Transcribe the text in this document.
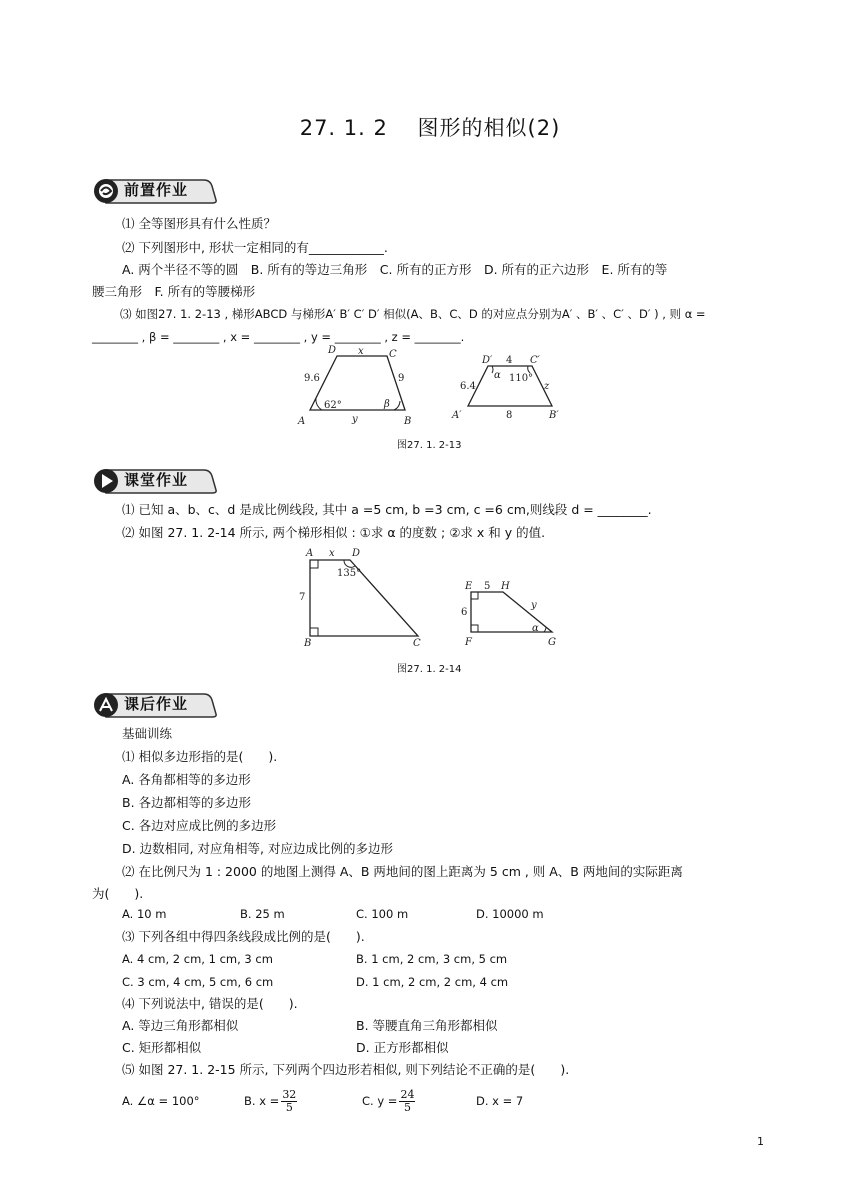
27. 1. 2　 图形的相似(2)
前置作业
⑴ 全等图形具有什么性质？
⑵ 下列图形中, 形状一定相同的有____________.
A. 两个半径不等的圆　B. 所有的等边三角形　C. 所有的正方形　D. 所有的正六边形　E. 所有的等
腰三角形　F. 所有的等腰梯形
⑶ 如图27. 1. 2-13 , 梯形ABCD 与梯形A′ B′ C′ D′ 相似(A、B、C、D 的对应点分别为A′ 、B′ 、C′ 、D′ ) , 则 α =
________ , β = ________ , x = ________ , y = ________ , z = ________.
D	C
A	B
x
y
9.6	9
62°	β
D′	C′
A′	B′
4
8
6.4	z
α 110°
图27. 1. 2-13
课堂作业
⑴ 已知 a、b、c、d 是成比例线段, 其中 a =5 cm, b =3 cm, c =6 cm,则线段 d = ________.
⑵ 如图 27. 1. 2-14 所示, 两个梯形相似 : ①求 α 的度数 ; ②求 x 和 y 的值.
A x D
B	C
7
135°
E 5 H
F	G
6
y
α
图27. 1. 2-14
课后作业
基础训练
⑴ 相似多边形指的是(　　).
A. 各角都相等的多边形
B. 各边都相等的多边形
C. 各边对应成比例的多边形
D. 边数相同, 对应角相等, 对应边成比例的多边形
⑵ 在比例尺为 1 : 2000 的地图上测得 A、B 两地间的图上距离为 5 cm , 则 A、B 两地间的实际距离
为(　　).
A. 10 m	B. 25 m	C. 100 m	D. 10000 m
⑶ 下列各组中得四条线段成比例的是(　　).
A. 4 cm, 2 cm, 1 cm, 3 cm	B. 1 cm, 2 cm, 3 cm, 5 cm
C. 3 cm, 4 cm, 5 cm, 6 cm	D. 1 cm, 2 cm, 2 cm, 4 cm
⑷ 下列说法中, 错误的是(　　).
A. 等边三角形都相似	B. 等腰直角三角形都相似
C. 矩形都相似	D. 正方形都相似
⑸ 如图 27. 1. 2-15 所示, 下列两个四边形若相似, 则下列结论不正确的是(　　).
A. ∠α = 100°	B. $x = \frac{32}{5}$	C. $y = \frac{24}{5}$	D. x = 7
1
